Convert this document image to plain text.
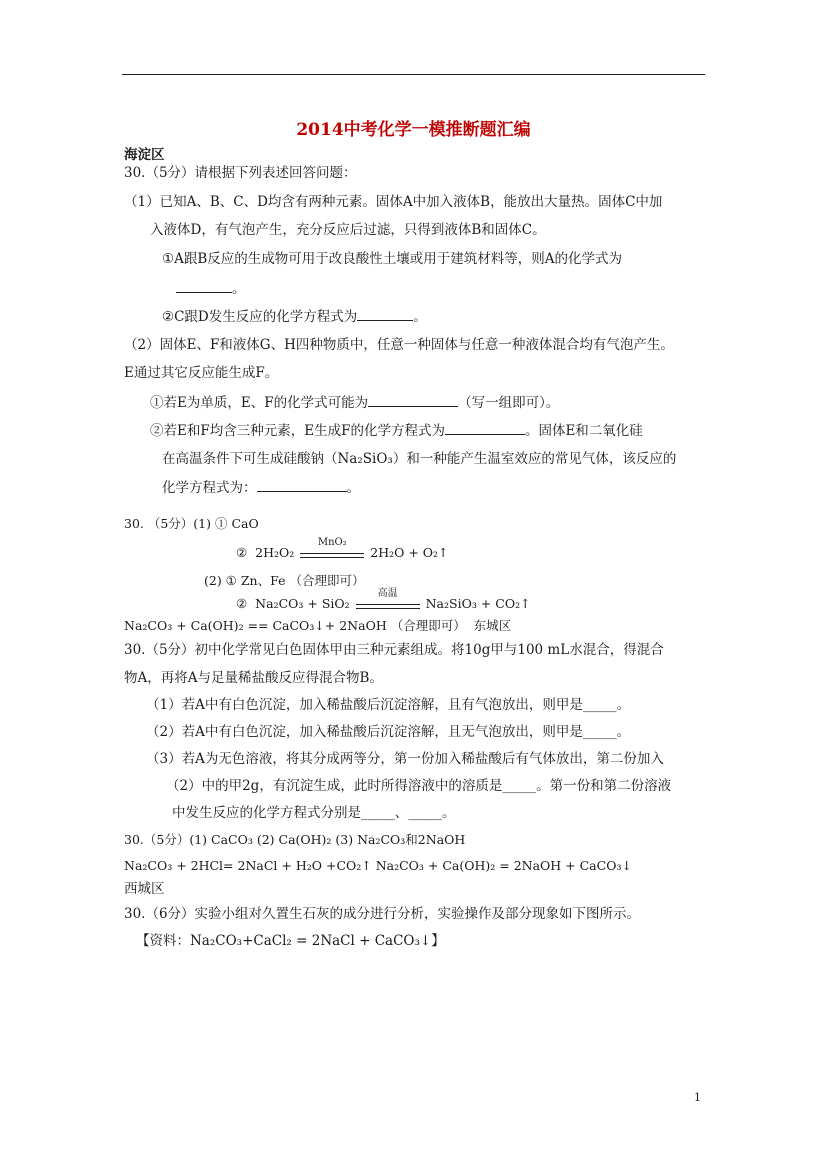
2014中考化学一模推断题汇编
海淀区
30.（5分）请根据下列表述回答问题：
（1）已知A、B、C、D均含有两种元素。固体A中加入液体B，能放出大量热。固体C中加
入液体D，有气泡产生，充分反应后过滤，只得到液体B和固体C。
①A跟B反应的生成物可用于改良酸性土壤或用于建筑材料等，则A的化学式为
。
②C跟D发生反应的化学方程式为	。
（2）固体E、F和液体G、H四种物质中，任意一种固体与任意一种液体混合均有气泡产生。
E通过其它反应能生成F。
①若E为单质，E、F的化学式可能为	（写一组即可）。
②若E和F均含三种元素，E生成F的化学方程式为	。固体E和二氧化硅
在高温条件下可生成硅酸钠（Na₂SiO₃）和一种能产生温室效应的常见气体，该反应的
化学方程式为：	。
30. （5分）(1) ① CaO
② 2H₂O₂
MnO₂
2H₂O + O₂↑
(2) ① Zn、Fe （合理即可）
② Na₂CO₃ + SiO₂
高温
Na₂SiO₃ + CO₂↑
Na₂CO₃ + Ca(OH)₂ == CaCO₃↓+ 2NaOH （合理即可） 东城区
30.（5分）初中化学常见白色固体甲由三种元素组成。将10g甲与100 mL水混合，得混合
物A，再将A与足量稀盐酸反应得混合物B。
（1）若A中有白色沉淀，加入稀盐酸后沉淀溶解，且有气泡放出，则甲是_____。
（2）若A中有白色沉淀，加入稀盐酸后沉淀溶解，且无气泡放出，则甲是_____。
（3）若A为无色溶液，将其分成两等分，第一份加入稀盐酸后有气体放出，第二份加入
（2）中的甲2g，有沉淀生成，此时所得溶液中的溶质是_____。第一份和第二份溶液
中发生反应的化学方程式分别是_____、_____。
30.（5分）(1) CaCO₃ (2) Ca(OH)₂ (3) Na₂CO₃和2NaOH
Na₂CO₃ + 2HCl= 2NaCl + H₂O +CO₂↑ Na₂CO₃ + Ca(OH)₂ = 2NaOH + CaCO₃↓
西城区
30.（6分）实验小组对久置生石灰的成分进行分析，实验操作及部分现象如下图所示。
【资料：Na₂CO₃+CaCl₂ = 2NaCl + CaCO₃↓】
1
